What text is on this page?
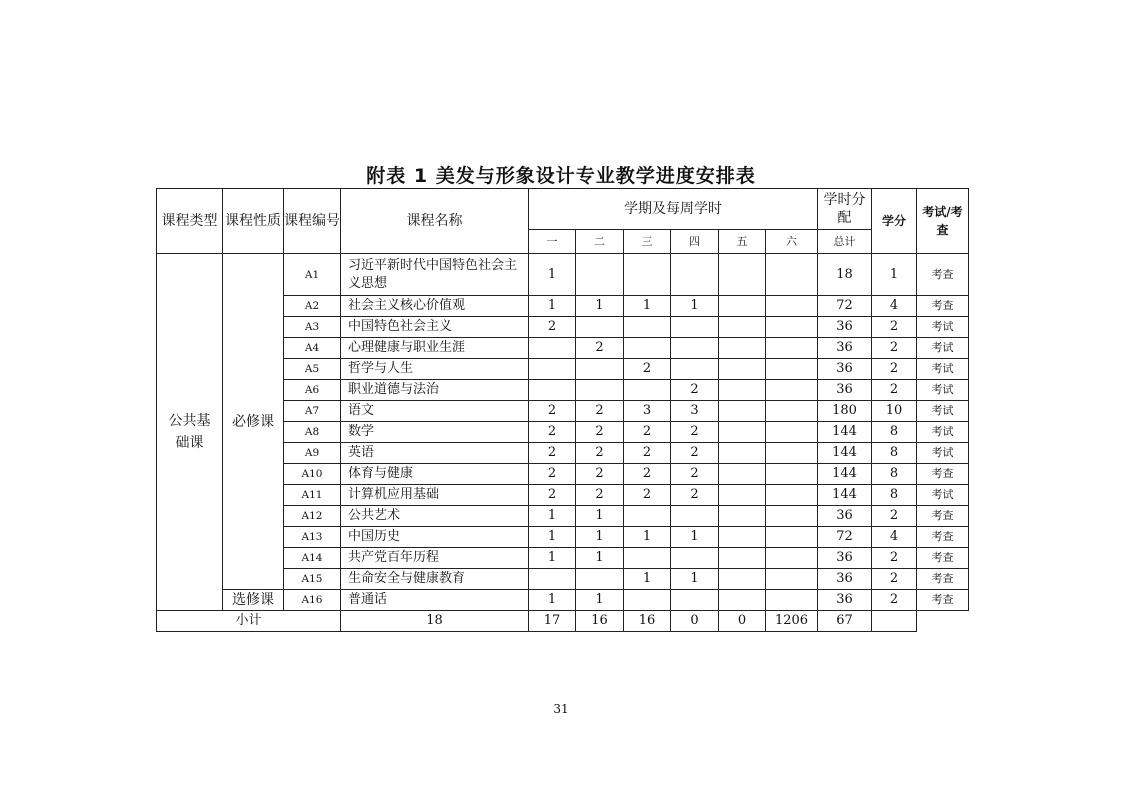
附表 1 美发与形象设计专业教学进度安排表
课程类型	课程性质	课程编号	课程名称	学期及每周学时						学时分配	学分	考试/考查
				一	二	三	四	五	六	总计		
公共基础课	必修课	A1	习近平新时代中国特色社会主义思想	1						18	1	考查
		A2	社会主义核心价值观	1	1	1	1			72	4	考查
		A3	中国特色社会主义	2						36	2	考试
		A4	心理健康与职业生涯		2					36	2	考试
		A5	哲学与人生			2				36	2	考试
		A6	职业道德与法治				2			36	2	考试
		A7	语文	2	2	3	3			180	10	考试
		A8	数学	2	2	2	2			144	8	考试
		A9	英语	2	2	2	2			144	8	考试
		A10	体育与健康	2	2	2	2			144	8	考查
		A11	计算机应用基础	2	2	2	2			144	8	考试
		A12	公共艺术	1	1					36	2	考查
		A13	中国历史	1	1	1	1			72	4	考查
		A14	共产党百年历程	1	1					36	2	考查
		A15	生命安全与健康教育			1	1			36	2	考查
	选修课	A16	普通话	1	1					36	2	考查
小计			18	17	16	16	0	0	1206	67		
31
